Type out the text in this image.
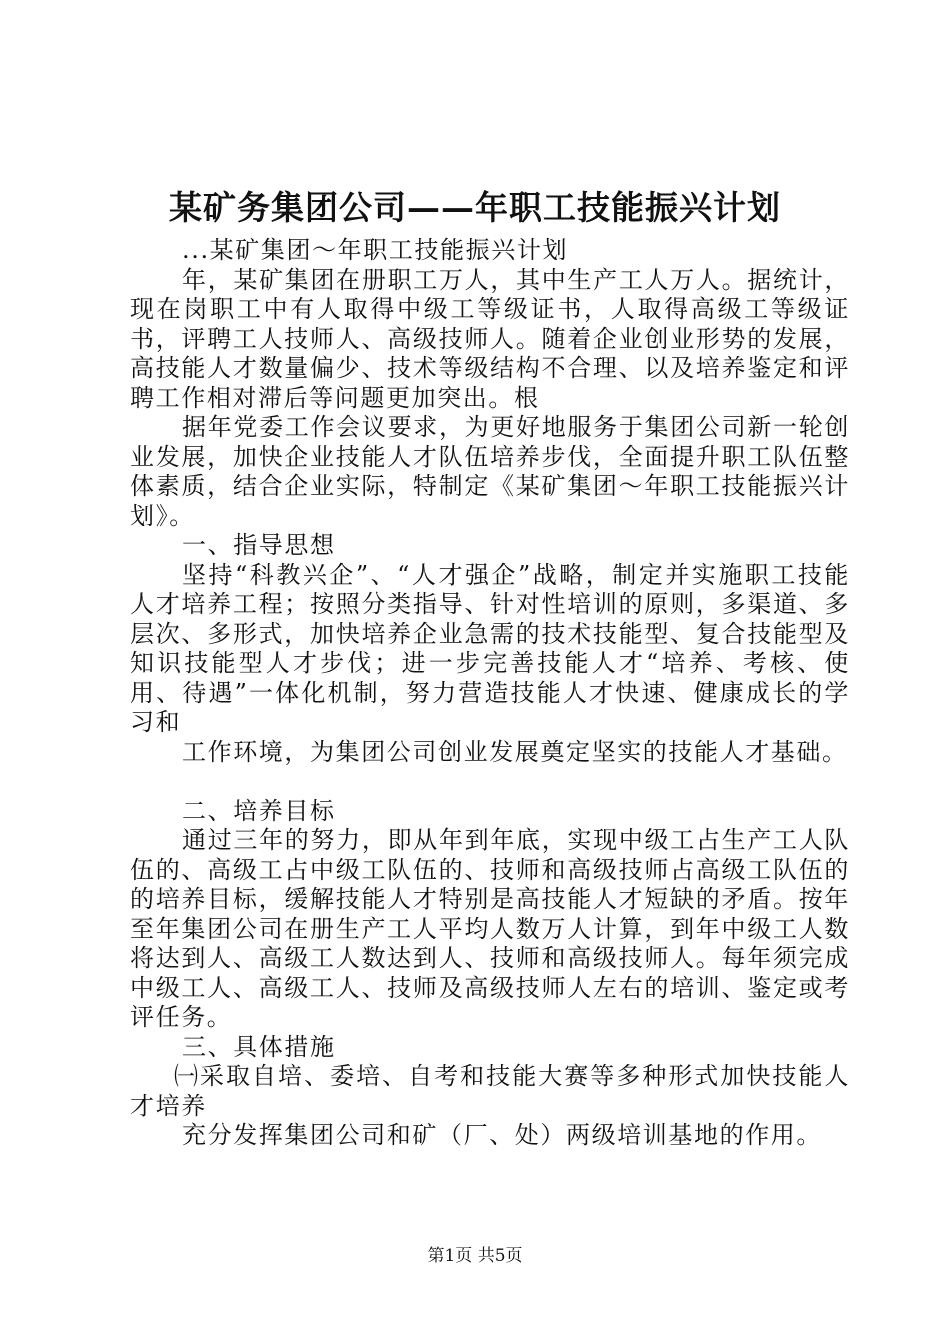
某矿务集团公司——年职工技能振兴计划

...某矿集团～年职工技能振兴计划

年，某矿集团在册职工万人，其中生产工人万人。据统计，现在岗职工中有人取得中级工等级证书，人取得高级工等级证书，评聘工人技师人、高级技师人。随着企业创业形势的发展，高技能人才数量偏少、技术等级结构不合理、以及培养鉴定和评聘工作相对滞后等问题更加突出。根

据年党委工作会议要求，为更好地服务于集团公司新一轮创业发展，加快企业技能人才队伍培养步伐，全面提升职工队伍整体素质，结合企业实际，特制定《某矿集团～年职工技能振兴计划》。

一、指导思想

坚持“科教兴企”、“人才强企”战略，制定并实施职工技能人才培养工程；按照分类指导、针对性培训的原则，多渠道、多层次、多形式，加快培养企业急需的技术技能型、复合技能型及知识技能型人才步伐；进一步完善技能人才“培养、考核、使用、待遇”一体化机制，努力营造技能人才快速、健康成长的学习和

工作环境，为集团公司创业发展奠定坚实的技能人才基础。

二、培养目标

通过三年的努力，即从年到年底，实现中级工占生产工人队伍的、高级工占中级工队伍的、技师和高级技师占高级工队伍的的培养目标，缓解技能人才特别是高技能人才短缺的矛盾。按年至年集团公司在册生产工人平均人数万人计算，到年中级工人数将达到人、高级工人数达到人、技师和高级技师人。每年须完成中级工人、高级工人、技师及高级技师人左右的培训、鉴定或考评任务。

三、具体措施

㈠采取自培、委培、自考和技能大赛等多种形式加快技能人才培养

充分发挥集团公司和矿（厂、处）两级培训基地的作用。

第1页 共5页
